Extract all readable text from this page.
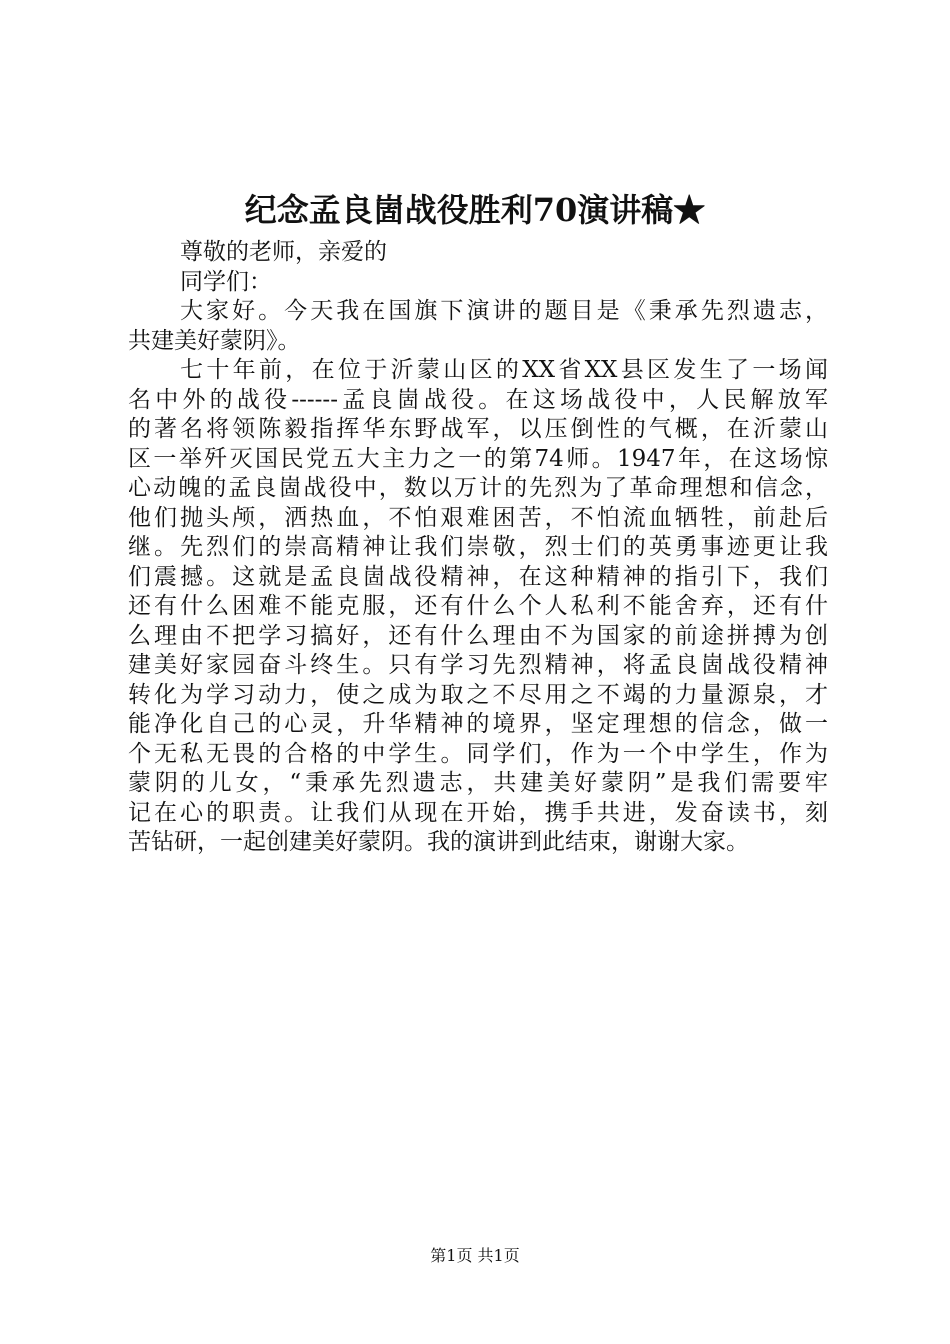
纪念孟良崮战役胜利70演讲稿★

尊敬的老师，亲爱的
同学们：

大家好。今天我在国旗下演讲的题目是《秉承先烈遗志，
共建美好蒙阴》。

七十年前，在位于沂蒙山区的XX省XX县区发生了一场闻
名中外的战役------孟良崮战役。在这场战役中，人民解放军
的著名将领陈毅指挥华东野战军，以压倒性的气概，在沂蒙山
区一举歼灭国民党五大主力之一的第74师。1947年，在这场惊
心动魄的孟良崮战役中，数以万计的先烈为了革命理想和信念，
他们抛头颅，洒热血，不怕艰难困苦，不怕流血牺牲，前赴后
继。先烈们的崇高精神让我们崇敬，烈士们的英勇事迹更让我
们震撼。这就是孟良崮战役精神，在这种精神的指引下，我们
还有什么困难不能克服，还有什么个人私利不能舍弃，还有什
么理由不把学习搞好，还有什么理由不为国家的前途拼搏为创
建美好家园奋斗终生。只有学习先烈精神，将孟良崮战役精神
转化为学习动力，使之成为取之不尽用之不竭的力量源泉，才
能净化自己的心灵，升华精神的境界，坚定理想的信念，做一
个无私无畏的合格的中学生。同学们，作为一个中学生，作为
蒙阴的儿女，“秉承先烈遗志，共建美好蒙阴”是我们需要牢
记在心的职责。让我们从现在开始，携手共进，发奋读书，刻
苦钻研，一起创建美好蒙阴。我的演讲到此结束，谢谢大家。

第1页 共1页
